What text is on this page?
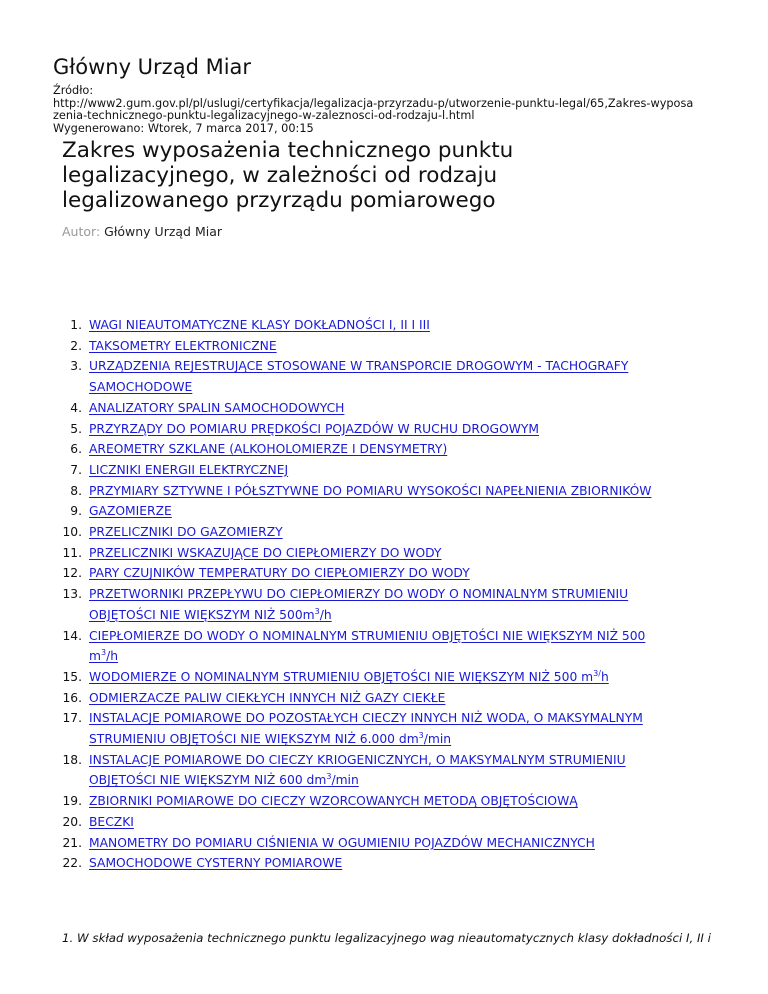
Główny Urząd Miar
Źródło:
http://www2.gum.gov.pl/pl/uslugi/certyfikacja/legalizacja-przyrzadu-p/utworzenie-punktu-legal/65,Zakres-wyposa
zenia-technicznego-punktu-legalizacyjnego-w-zaleznosci-od-rodzaju-l.html
Wygenerowano: Wtorek, 7 marca 2017, 00:15
Zakres wyposażenia technicznego punktu legalizacyjnego, w zależności od rodzaju legalizowanego przyrządu pomiarowego
Autor: Główny Urząd Miar
1. WAGI NIEAUTOMATYCZNE KLASY DOKŁADNOŚCI I, II I III
2. TAKSOMETRY ELEKTRONICZNE
3. URZĄDZENIA REJESTRUJĄCE STOSOWANE W TRANSPORCIE DROGOWYM - TACHOGRAFY SAMOCHODOWE
4. ANALIZATORY SPALIN SAMOCHODOWYCH
5. PRZYRZĄDY DO POMIARU PRĘDKOŚCI POJAZDÓW W RUCHU DROGOWYM
6. AREOMETRY SZKLANE (ALKOHOLOMIERZE I DENSYMETRY)
7. LICZNIKI ENERGII ELEKTRYCZNEJ
8. PRZYMIARY SZTYWNE I PÓŁSZTYWNE DO POMIARU WYSOKOŚCI NAPEŁNIENIA ZBIORNIKÓW
9. GAZOMIERZE
10. PRZELICZNIKI DO GAZOMIERZY
11. PRZELICZNIKI WSKAZUJĄCE DO CIEPŁOMIERZY DO WODY
12. PARY CZUJNIKÓW TEMPERATURY DO CIEPŁOMIERZY DO WODY
13. PRZETWORNIKI PRZEPŁYWU DO CIEPŁOMIERZY DO WODY O NOMINALNYM STRUMIENIU OBJĘTOŚCI NIE WIĘKSZYM NIŻ 500m$^3$/h
14. CIEPŁOMIERZE DO WODY O NOMINALNYM STRUMIENIU OBJĘTOŚCI NIE WIĘKSZYM NIŻ 500 m$^3$/h
15. WODOMIERZE O NOMINALNYM STRUMIENIU OBJĘTOŚCI NIE WIĘKSZYM NIŻ 500 m$^{3/}$h
16. ODMIERZACZE PALIW CIEKŁYCH INNYCH NIŻ GAZY CIEKŁE
17. INSTALACJE POMIAROWE DO POZOSTAŁYCH CIECZY INNYCH NIŻ WODA, O MAKSYMALNYM STRUMIENIU OBJĘTOŚCI NIE WIĘKSZYM NIŻ 6.000 dm$^3$/min
18. INSTALACJE POMIAROWE DO CIECZY KRIOGENICZNYCH, O MAKSYMALNYM STRUMIENIU OBJĘTOŚCI NIE WIĘKSZYM NIŻ 600 dm$^3$/min
19. ZBIORNIKI POMIAROWE DO CIECZY WZORCOWANYCH METODĄ OBJĘTOŚCIOWĄ
20. BECZKI
21. MANOMETRY DO POMIARU CIŚNIENIA W OGUMIENIU POJAZDÓW MECHANICZNYCH
22. SAMOCHODOWE CYSTERNY POMIAROWE
1. W skład wyposażenia technicznego punktu legalizacyjnego wag nieautomatycznych klasy dokładności I, II i
